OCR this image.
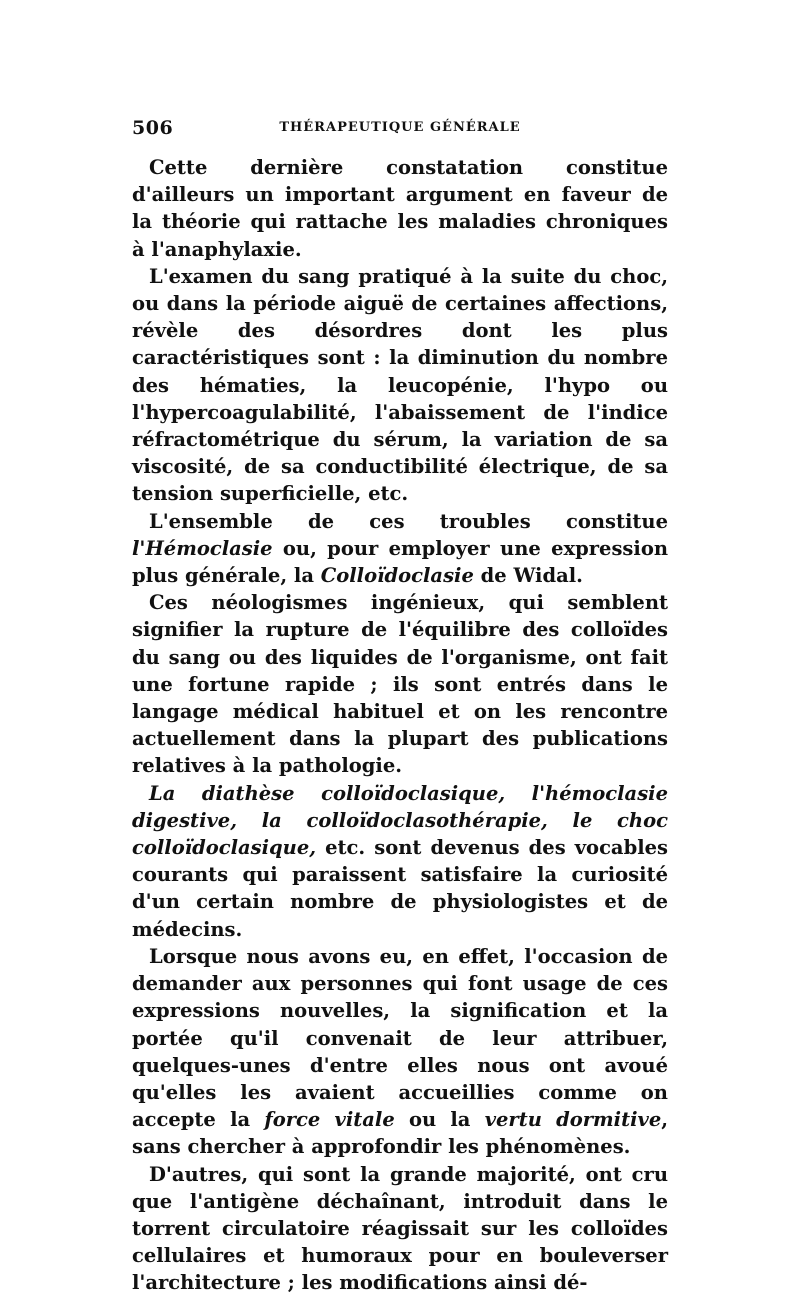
506	THÉRAPEUTIQUE GÉNÉRALE

Cette dernière constatation constitue d'ailleurs un important argument en faveur de la théorie qui rattache les maladies chroniques à l'anaphylaxie.

L'examen du sang pratiqué à la suite du choc, ou dans la période aiguë de certaines affections, révèle des désordres dont les plus caractéristiques sont : la diminution du nombre des hématies, la leucopénie, l'hypo ou l'hypercoagulabilité, l'abaissement de l'indice réfractométrique du sérum, la variation de sa viscosité, de sa conductibilité électrique, de sa tension superficielle, etc.

L'ensemble de ces troubles constitue l'Hémoclasie ou, pour employer une expression plus générale, la Colloïdoclasie de Widal.

Ces néologismes ingénieux, qui semblent signifier la rupture de l'équilibre des colloïdes du sang ou des liquides de l'organisme, ont fait une fortune rapide ; ils sont entrés dans le langage médical habituel et on les rencontre actuellement dans la plupart des publications relatives à la pathologie.

La diathèse colloïdoclasique, l'hémoclasie digestive, la colloïdoclasothérapie, le choc colloïdoclasique, etc. sont devenus des vocables courants qui paraissent satisfaire la curiosité d'un certain nombre de physiologistes et de médecins.

Lorsque nous avons eu, en effet, l'occasion de demander aux personnes qui font usage de ces expressions nouvelles, la signification et la portée qu'il convenait de leur attribuer, quelques-unes d'entre elles nous ont avoué qu'elles les avaient accueillies comme on accepte la force vitale ou la vertu dormitive, sans chercher à approfondir les phénomènes.

D'autres, qui sont la grande majorité, ont cru que l'antigène déchaînant, introduit dans le torrent circulatoire réagissait sur les colloïdes cellulaires et humoraux pour en bouleverser l'architecture ; les modifications ainsi dé-
